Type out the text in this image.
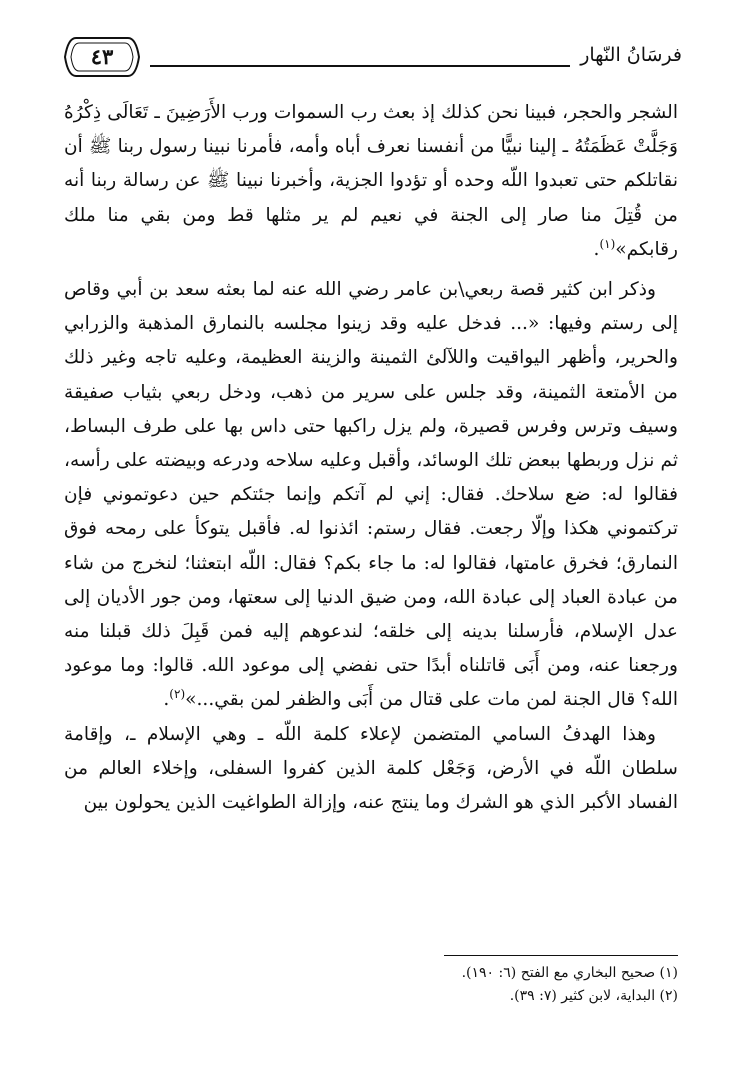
٤٣	فرسَانُ النّهار

الشجر والحجر، فبينا نحن كذلك إذ بعث رب السموات ورب الأَرَضِينَ ـ تَعَالَى ذِكْرُهُ وَجَلَّتْ عَظَمَتُهُ ـ إلينا نبيًّا من أنفسنا نعرف أباه وأمه، فأمرنا نبينا رسول ربنا ﷺ أن نقاتلكم حتى تعبدوا اللّه وحده أو تؤدوا الجزية، وأخبرنا نبينا ﷺ عن رسالة ربنا أنه من قُتِلَ منا صار إلى الجنة في نعيم لم ير مثلها قط ومن بقي منا ملك رقابكم»$^{(١)}$.

وذكر ابن كثير قصة ربعي\بن عامر رضي الله عنه لما بعثه سعد بن أبي وقاص إلى رستم وفيها: «... فدخل عليه وقد زينوا مجلسه بالنمارق المذهبة والزرابي والحرير، وأظهر اليواقيت واللآلئ الثمينة والزينة العظيمة، وعليه تاجه وغير ذلك من الأمتعة الثمينة، وقد جلس على سرير من ذهب، ودخل ربعي بثياب صفيقة وسيف وترس وفرس قصيرة، ولم يزل راكبها حتى داس بها على طرف البساط، ثم نزل وربطها ببعض تلك الوسائد، وأقبل وعليه سلاحه ودرعه وبيضته على رأسه، فقالوا له: ضع سلاحك. فقال: إني لم آتكم وإنما جئتكم حين دعوتموني فإن تركتموني هكذا وإلّا رجعت. فقال رستم: ائذنوا له. فأقبل يتوكأ على رمحه فوق النمارق؛ فخرق عامتها، فقالوا له: ما جاء بكم؟ فقال: اللّه ابتعثنا؛ لنخرج من شاء من عبادة العباد إلى عبادة الله، ومن ضيق الدنيا إلى سعتها، ومن جور الأديان إلى عدل الإسلام، فأرسلنا بدينه إلى خلقه؛ لندعوهم إليه فمن قَبِلَ ذلك قبلنا منه ورجعنا عنه، ومن أَبَى قاتلناه أبدًا حتى نفضي إلى موعود الله. قالوا: وما موعود الله؟ قال الجنة لمن مات على قتال من أَبَى والظفر لمن بقي...»$^{(٢)}$.

وهذا الهدفُ السامي المتضمن لإعلاء كلمة اللّه ـ وهي الإسلام ـ، وإقامة سلطان اللّه في الأرض، وَجَعْل كلمة الذين كفروا السفلى، وإخلاء العالم من الفساد الأكبر الذي هو الشرك وما ينتج عنه، وإزالة الطواغيت الذين يحولون بين

(١) صحيح البخاري مع الفتح (٦: ١٩٠).

(٢) البداية، لابن كثير (٧: ٣٩).
